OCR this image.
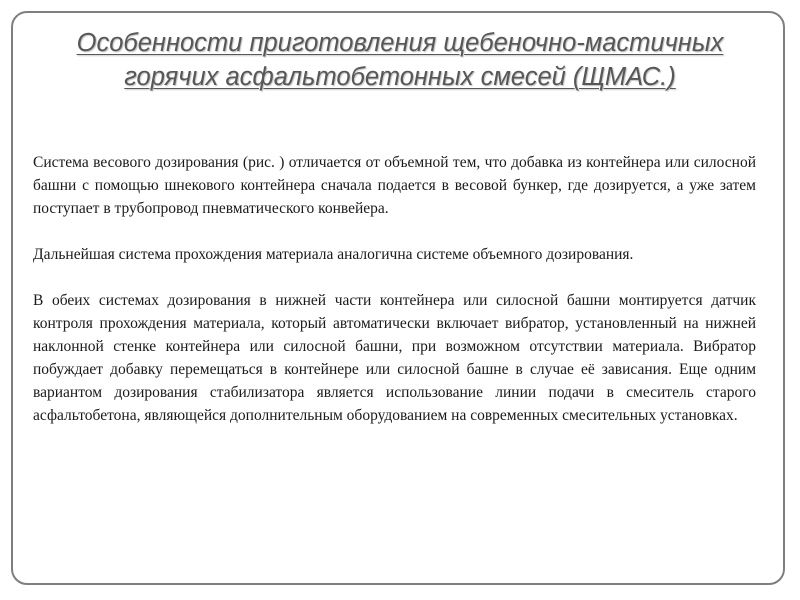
Особенности приготовления щебеночно-мастичных
горячих асфальтобетонных смесей (ЩМАС.)

Система весового дозирования (рис. ) отличается от объемной тем, что добавка из контейнера или силосной башни с помощью шнекового контейнера сначала подается в весовой бункер, где дозируется, а уже затем поступает в трубопровод пневматического конвейера.

Дальнейшая система прохождения материала аналогична системе объемного дозирования.

В обеих системах дозирования в нижней части контейнера или силосной башни монтируется датчик контроля прохождения материала, который автоматически включает вибратор, установленный на нижней наклонной стенке контейнера или силосной башни, при возможном отсутствии материала. Вибратор побуждает добавку перемещаться в контейнере или силосной башне в случае её зависания. Еще одним вариантом дозирования стабилизатора является использование линии подачи в смеситель старого асфальтобетона, являющейся дополнительным оборудованием на современных смесительных установках.
